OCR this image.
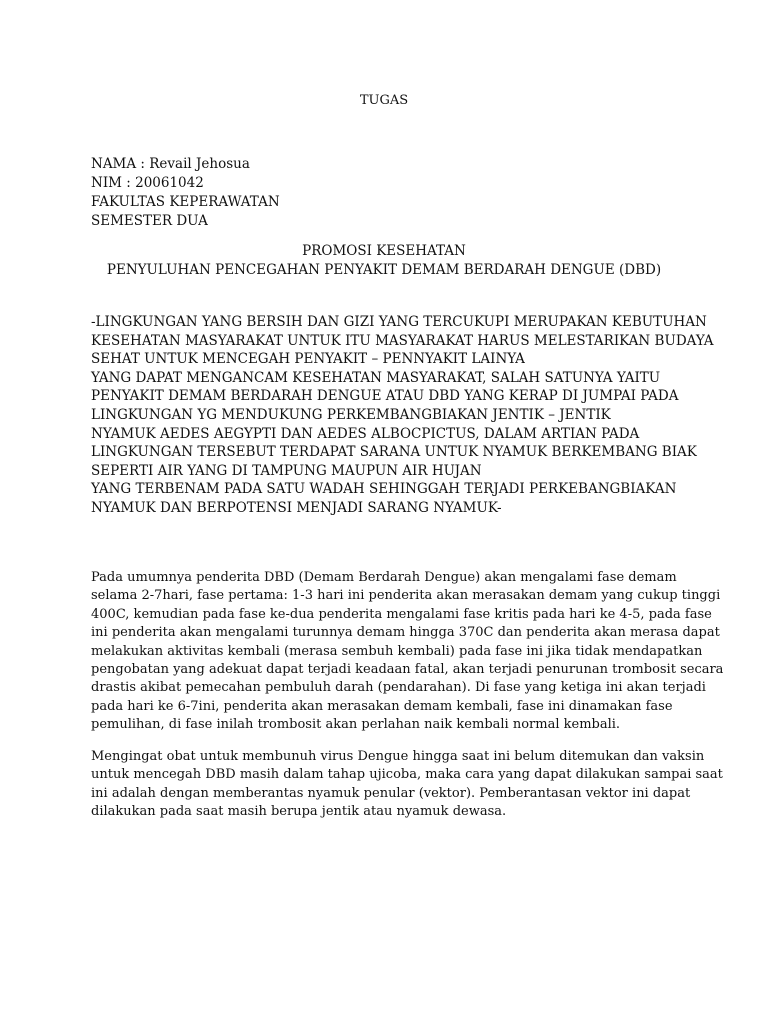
TUGAS
NAMA : Revail Jehosua
NIM : 20061042
FAKULTAS KEPERAWATAN
SEMESTER DUA
PROMOSI KESEHATAN
PENYULUHAN PENCEGAHAN PENYAKIT DEMAM BERDARAH DENGUE (DBD)
-LINGKUNGAN YANG BERSIH DAN GIZI YANG TERCUKUPI MERUPAKAN KEBUTUHAN
KESEHATAN MASYARAKAT UNTUK ITU MASYARAKAT HARUS MELESTARIKAN BUDAYA
SEHAT UNTUK MENCEGAH PENYAKIT – PENNYAKIT LAINYA
YANG DAPAT MENGANCAM KESEHATAN MASYARAKAT, SALAH SATUNYA YAITU
PENYAKIT DEMAM BERDARAH DENGUE ATAU DBD YANG KERAP DI JUMPAI PADA
LINGKUNGAN YG MENDUKUNG PERKEMBANGBIAKAN JENTIK – JENTIK
NYAMUK AEDES AEGYPTI DAN AEDES ALBOCPICTUS, DALAM ARTIAN PADA
LINGKUNGAN TERSEBUT TERDAPAT SARANA UNTUK NYAMUK BERKEMBANG BIAK
SEPERTI AIR YANG DI TAMPUNG MAUPUN AIR HUJAN
YANG TERBENAM PADA SATU WADAH SEHINGGAH TERJADI PERKEBANGBIAKAN
NYAMUK DAN BERPOTENSI MENJADI SARANG NYAMUK-
Pada umumnya penderita DBD (Demam Berdarah Dengue) akan mengalami fase demam
selama 2-7hari, fase pertama: 1-3 hari ini penderita akan merasakan demam yang cukup tinggi
400C, kemudian pada fase ke-dua penderita mengalami fase kritis pada hari ke 4-5, pada fase
ini penderita akan mengalami turunnya demam hingga 370C dan penderita akan merasa dapat
melakukan aktivitas kembali (merasa sembuh kembali) pada fase ini jika tidak mendapatkan
pengobatan yang adekuat dapat terjadi keadaan fatal, akan terjadi penurunan trombosit secara
drastis akibat pemecahan pembuluh darah (pendarahan). Di fase yang ketiga ini akan terjadi
pada hari ke 6-7ini, penderita akan merasakan demam kembali, fase ini dinamakan fase
pemulihan, di fase inilah trombosit akan perlahan naik kembali normal kembali.
Mengingat obat untuk membunuh virus Dengue hingga saat ini belum ditemukan dan vaksin
untuk mencegah DBD masih dalam tahap ujicoba, maka cara yang dapat dilakukan sampai saat
ini adalah dengan memberantas nyamuk penular (vektor). Pemberantasan vektor ini dapat
dilakukan pada saat masih berupa jentik atau nyamuk dewasa.
